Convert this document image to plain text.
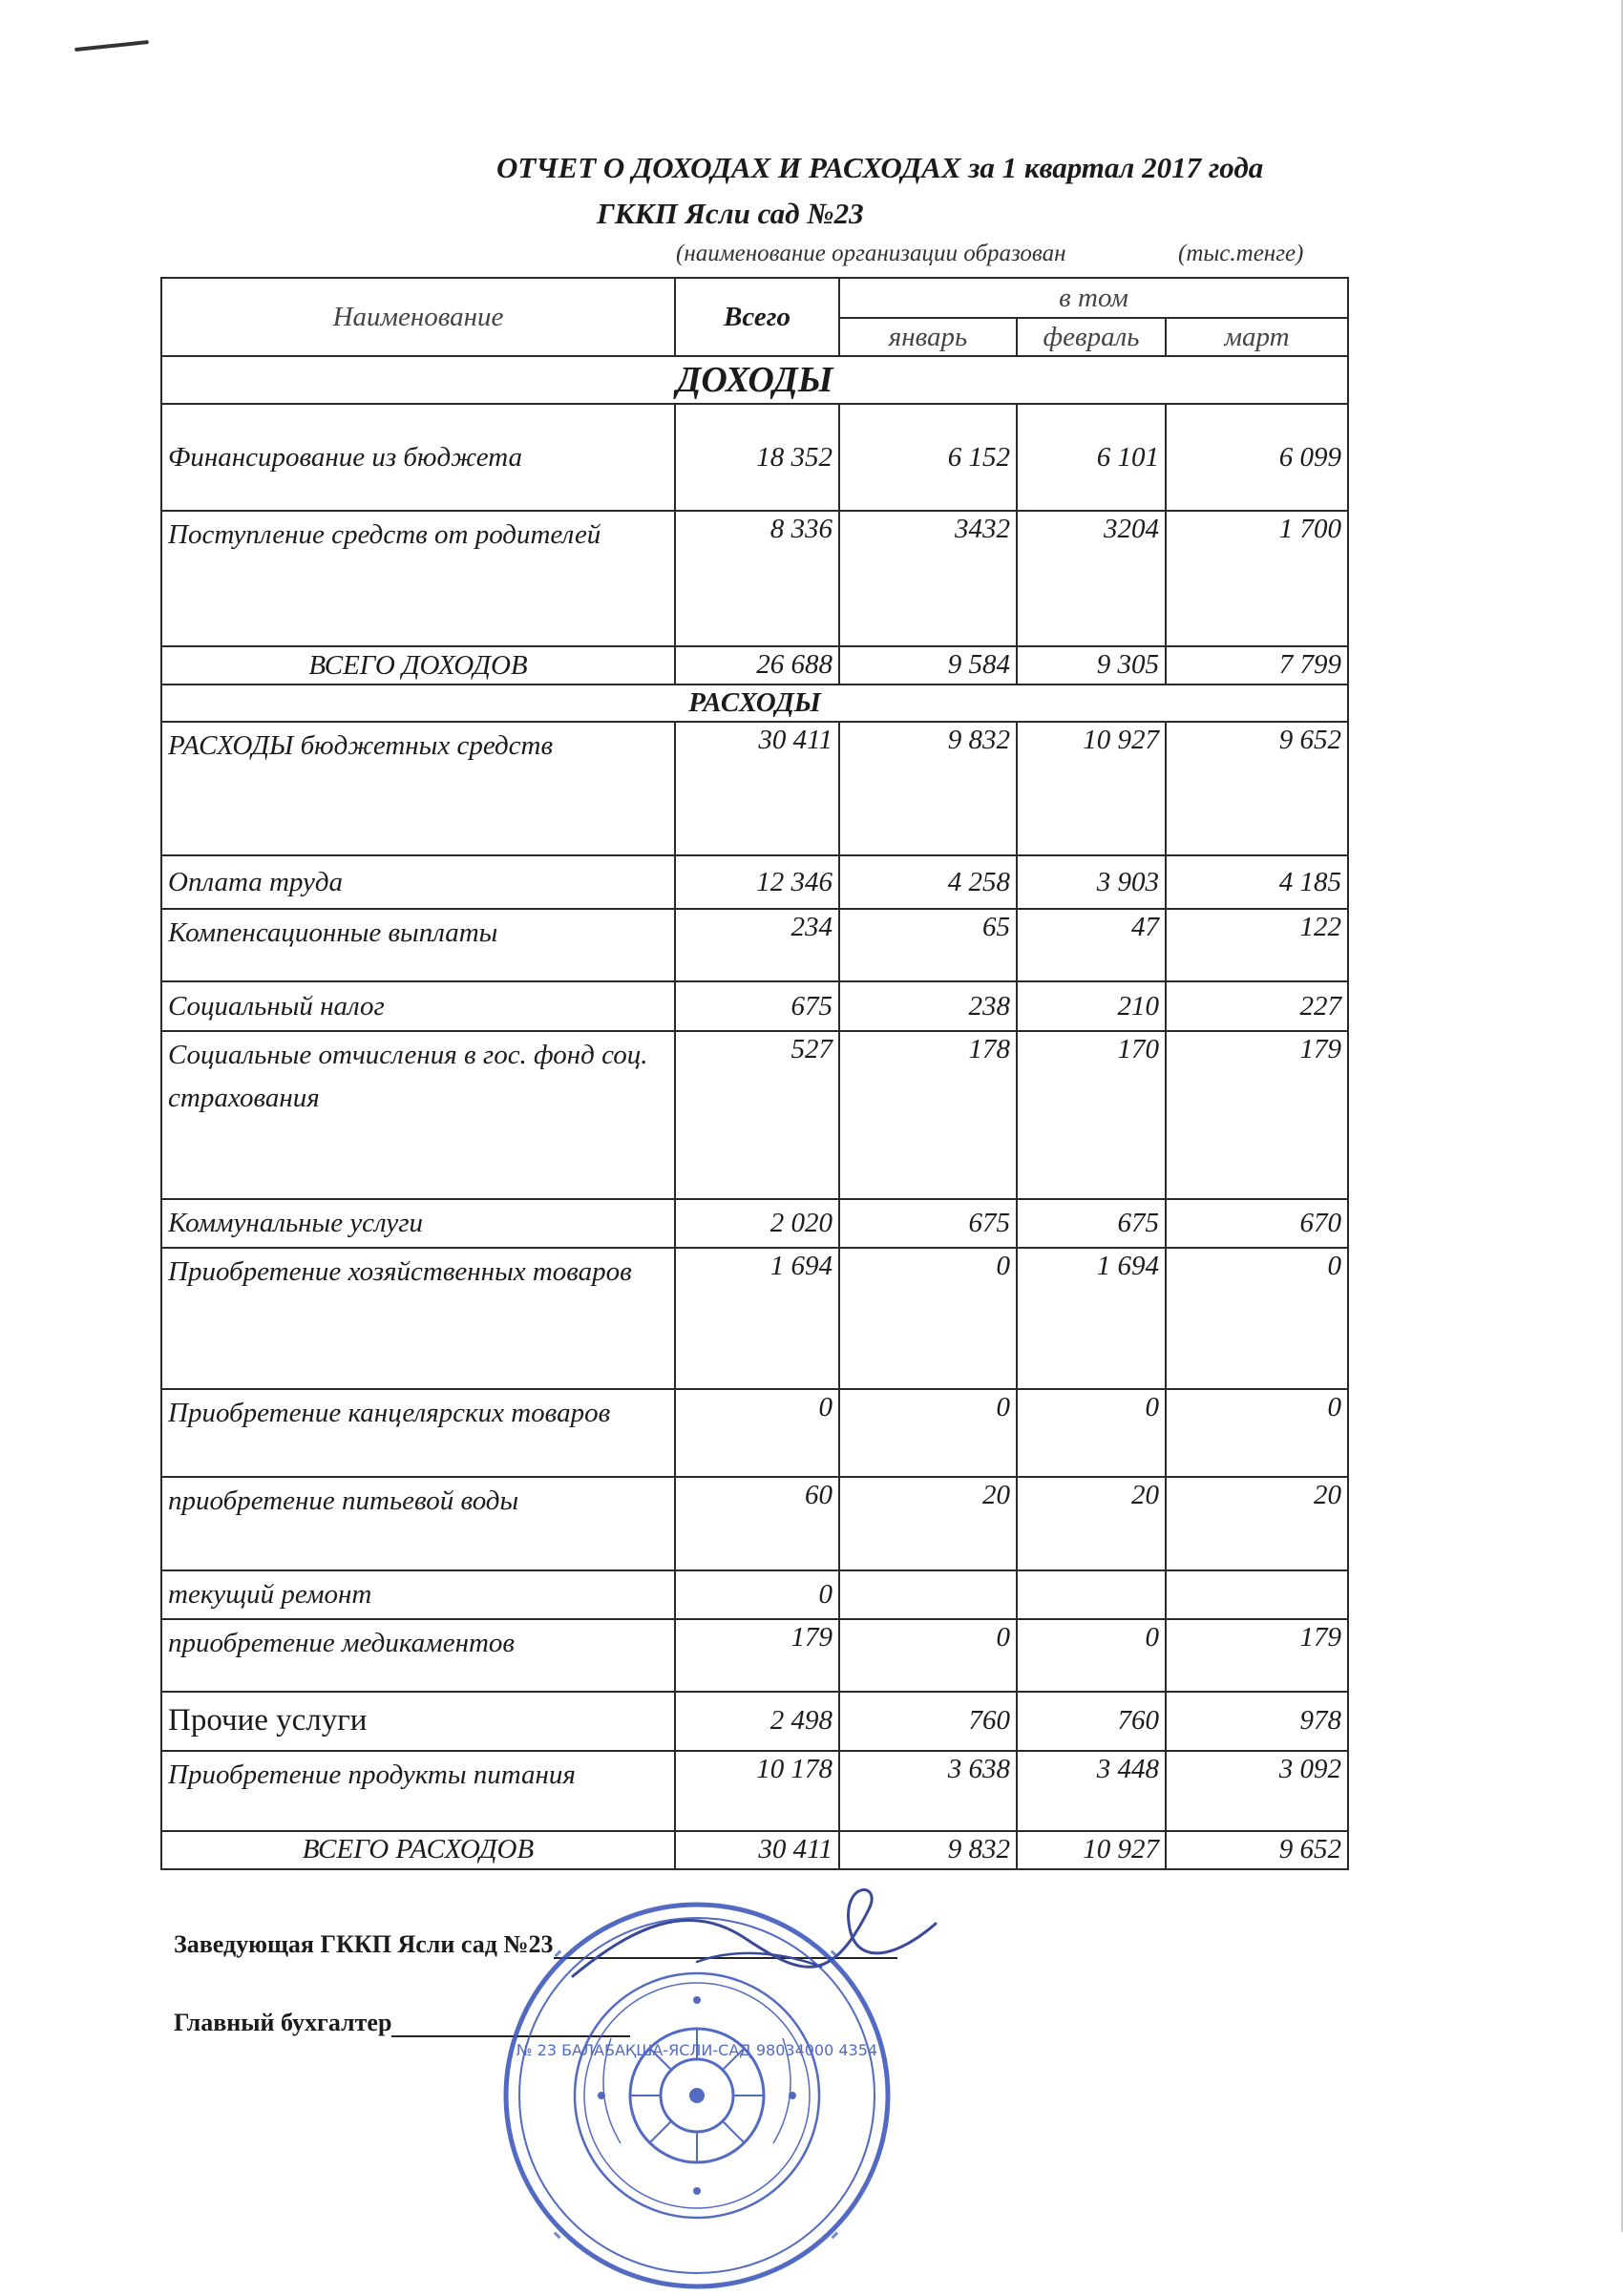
ОТЧЕТ О ДОХОДАХ И РАСХОДАХ за 1 квартал 2017 года
ГККП Ясли сад №23
(наименование организации образован	(тыс.тенге)
Наименование	Всего	в том		
		январь	февраль	март
ДОХОДЫ				
Финансирование из бюджета	18 352	6 152	6 101	6 099
Поступление средств от родителей	8 336	3432	3204	1 700
ВСЕГО ДОХОДОВ	26 688	9 584	9 305	7 799
РАСХОДЫ				
РАСХОДЫ бюджетных средств	30 411	9 832	10 927	9 652
Оплата труда	12 346	4 258	3 903	4 185
Компенсационные выплаты	234	65	47	122
Социальный налог	675	238	210	227
Социальные отчисления в гос. фонд соц. страхования	527	178	170	179
Коммунальные услуги	2 020	675	675	670
Приобретение хозяйственных товаров	1 694	0	1 694	0
Приобретение канцелярских товаров	0	0	0	0
приобретение питьевой воды	60	20	20	20
текущий ремонт	0			
приобретение медикаментов	179	0	0	179
Прочие услуги	2 498	760	760	978
Приобретение продукты питания	10 178	3 638	3 448	3 092
ВСЕГО РАСХОДОВ	30 411	9 832	10 927	9 652
Заведующая ГККП Ясли сад №23
Главный бухгалтер
№ 23 БАЛАБАҚША-ЯСЛИ-САД 98034000 4354
